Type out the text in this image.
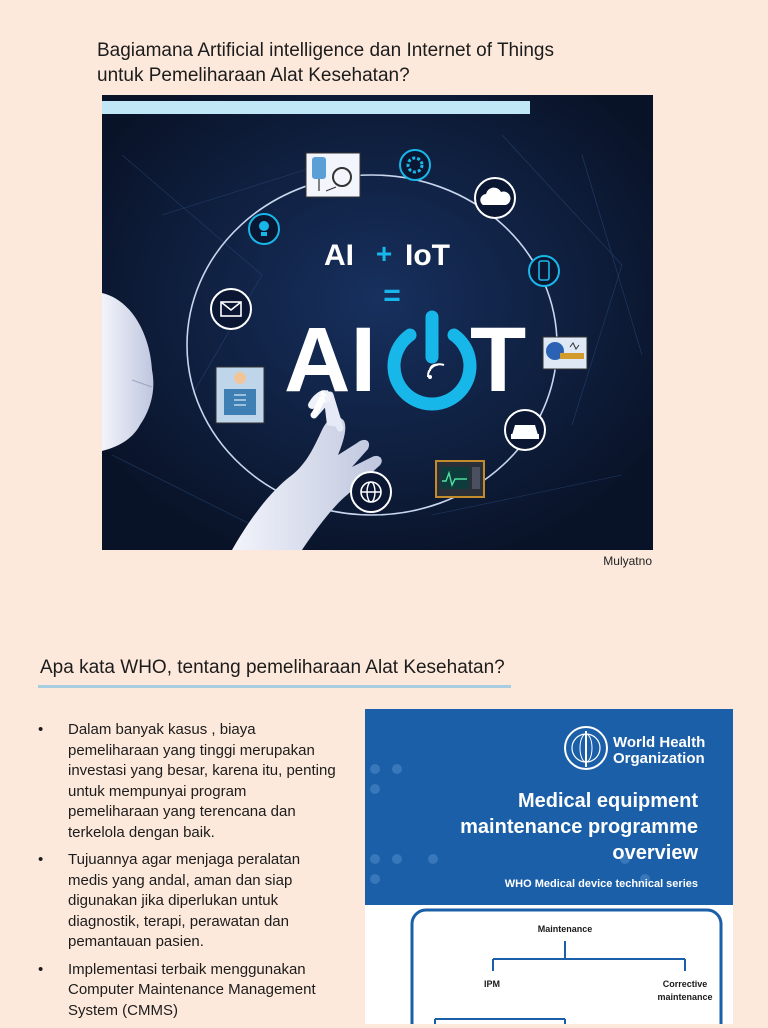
Bagiamana Artificial intelligence dan Internet of Things untuk Pemeliharaan Alat Kesehatan?
AI + IoT
=
AI T
Mulyatno
Apa kata WHO, tentang pemeliharaan Alat Kesehatan?
• Dalam banyak kasus , biaya pemeliharaan yang tinggi merupakan investasi yang besar, karena itu, penting untuk mempunyai program pemeliharaan yang terencana dan terkelola dengan baik.
• Tujuannya agar menjaga peralatan medis yang andal, aman dan siap digunakan jika diperlukan untuk diagnostik, terapi, perawatan dan pemantauan pasien.
• Implementasi terbaik menggunakan Computer Maintenance Management System (CMMS)
World Health
Organization
Medical equipment
maintenance programme
overview
WHO Medical device technical series
Maintenance
IPM	Corrective
maintenance
